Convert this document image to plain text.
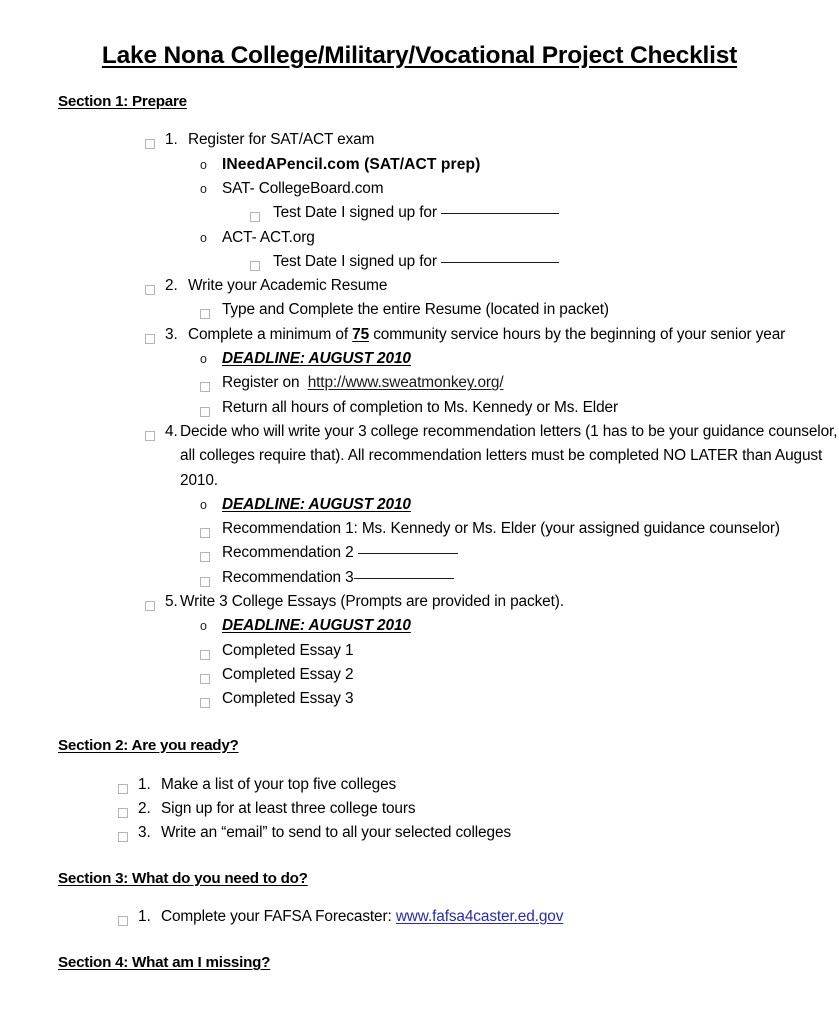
Lake Nona College/Military/Vocational Project Checklist
Section 1: Prepare
1. Register for SAT/ACT exam
o INeedAPencil.com (SAT/ACT prep)
o SAT- CollegeBoard.com
Test Date I signed up for
o ACT- ACT.org
Test Date I signed up for
2. Write your Academic Resume
Type and Complete the entire Resume (located in packet)
3. Complete a minimum of 75 community service hours by the beginning of your senior year
o DEADLINE: AUGUST 2010
Register on http://www.sweatmonkey.org/
Return all hours of completion to Ms. Kennedy or Ms. Elder
4. Decide who will write your 3 college recommendation letters (1 has to be your guidance counselor, all colleges require that). All recommendation letters must be completed NO LATER than August 2010.
o DEADLINE: AUGUST 2010
Recommendation 1: Ms. Kennedy or Ms. Elder (your assigned guidance counselor)
Recommendation 2
Recommendation 3
5. Write 3 College Essays (Prompts are provided in packet).
o DEADLINE: AUGUST 2010
Completed Essay 1
Completed Essay 2
Completed Essay 3
Section 2: Are you ready?
1. Make a list of your top five colleges
2. Sign up for at least three college tours
3. Write an “email” to send to all your selected colleges
Section 3: What do you need to do?
1. Complete your FAFSA Forecaster: www.fafsa4caster.ed.gov
Section 4: What am I missing?
